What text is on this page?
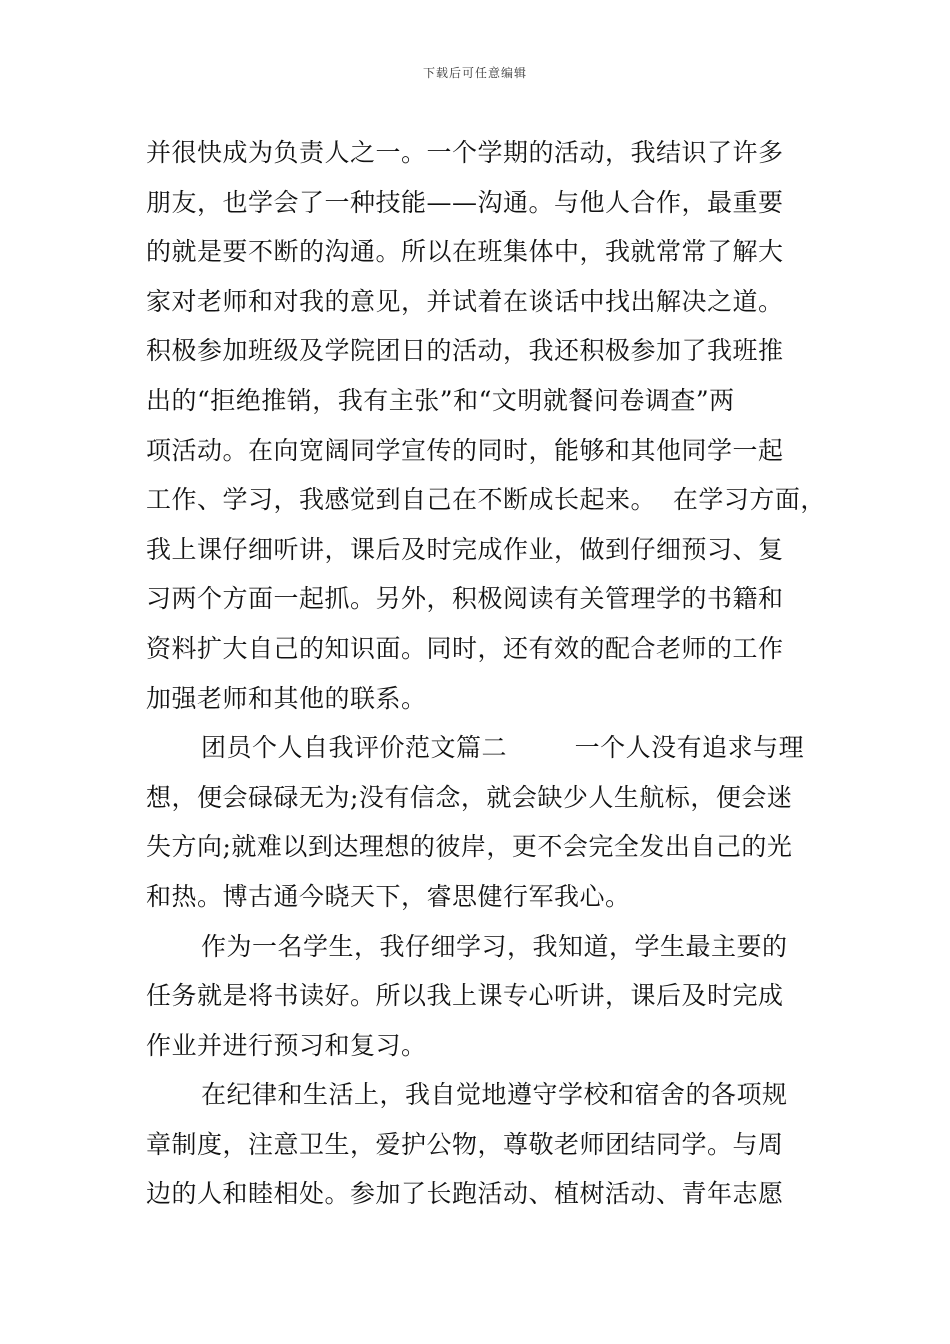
下载后可任意编辑
并很快成为负责人之一。一个学期的活动，我结识了许多
朋友，也学会了一种技能——沟通。与他人合作，最重要
的就是要不断的沟通。所以在班集体中，我就常常了解大
家对老师和对我的意见，并试着在谈话中找出解决之道。
积极参加班级及学院团日的活动，我还积极参加了我班推
出的“拒绝推销，我有主张”和“文明就餐问卷调查”两
项活动。在向宽阔同学宣传的同时，能够和其他同学一起
工作、学习，我感觉到自己在不断成长起来。  在学习方面，
我上课仔细听讲，课后及时完成作业，做到仔细预习、复
习两个方面一起抓。另外，积极阅读有关管理学的书籍和
资料扩大自己的知识面。同时，还有效的配合老师的工作
加强老师和其他的联系。
团员个人自我评价范文篇二        一个人没有追求与理
想，便会碌碌无为;没有信念，就会缺少人生航标，便会迷
失方向;就难以到达理想的彼岸，更不会完全发出自己的光
和热。博古通今晓天下，睿思健行军我心。
作为一名学生，我仔细学习，我知道，学生最主要的
任务就是将书读好。所以我上课专心听讲，课后及时完成
作业并进行预习和复习。
在纪律和生活上，我自觉地遵守学校和宿舍的各项规
章制度，注意卫生，爱护公物，尊敬老师团结同学。与周
边的人和睦相处。参加了长跑活动、植树活动、青年志愿
